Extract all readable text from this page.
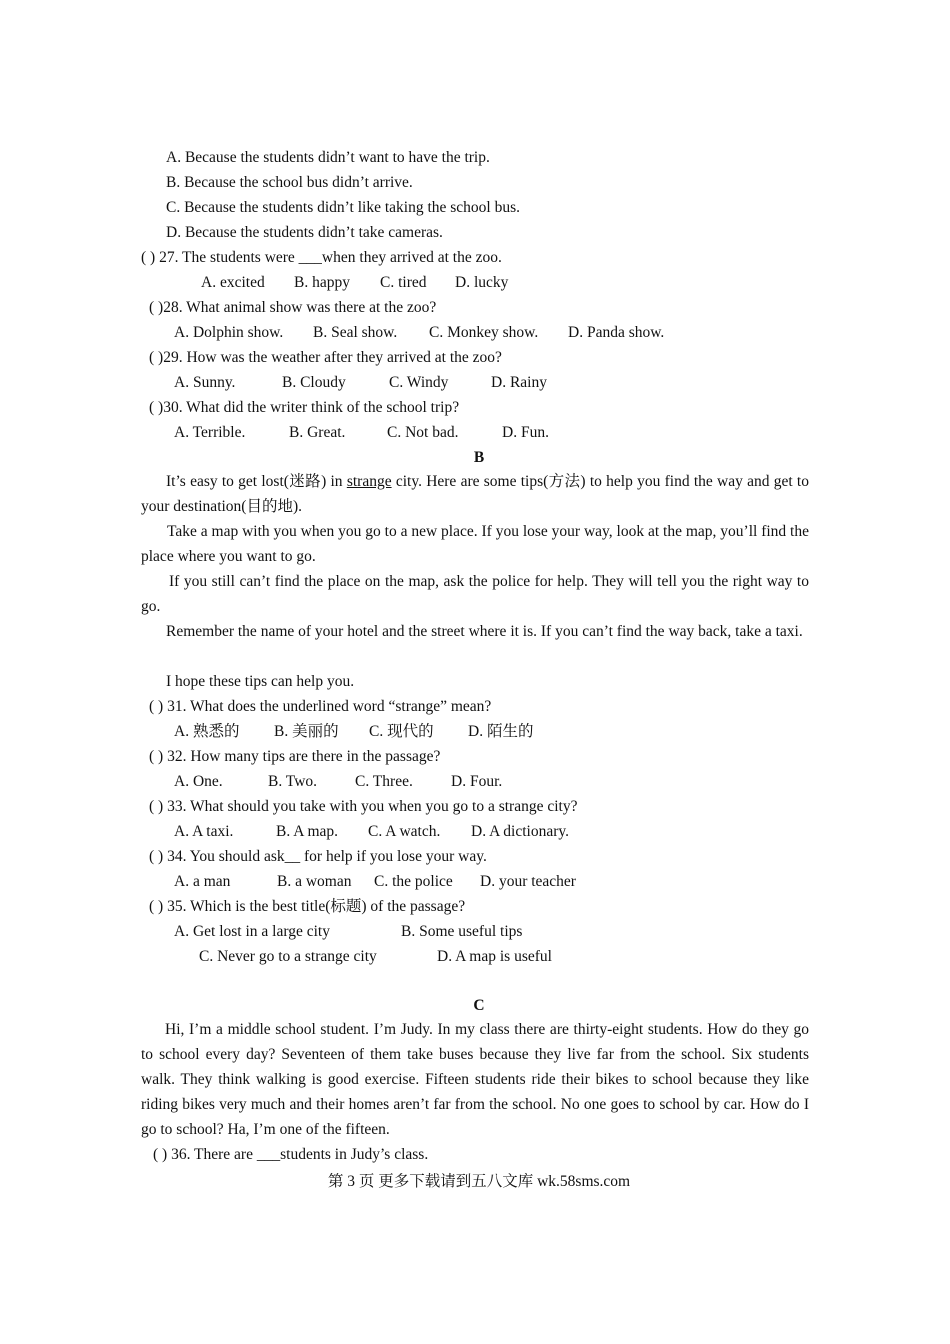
A. Because the students didn’t want to have the trip.
B. Because the school bus didn’t arrive.
C. Because the students didn’t like taking the school bus.
D. Because the students didn’t take cameras.
( ) 27. The students were ___when they arrived at the zoo.
A. excited B. happy C. tired D. lucky
( )28. What animal show was there at the zoo?
A. Dolphin show. B. Seal show. C. Monkey show. D. Panda show.
( )29. How was the weather after they arrived at the zoo?
A. Sunny.	B. Cloudy	C. Windy	D. Rainy
( )30. What did the writer think of the school trip?
A. Terrible.	B. Great.	C. Not bad.	D. Fun.
B
It’s easy to get lost(迷路) in strange city. Here are some tips(方法) to help you find the way and get to your destination(目的地).
Take a map with you when you go to a new place. If you lose your way, look at the map, you’ll find the place where you want to go.
If you still can’t find the place on the map, ask the police for help. They will tell you the right way to go.
Remember the name of your hotel and the street where it is. If you can’t find the way back, take a taxi.
I hope these tips can help you.
( ) 31. What does the underlined word “strange” mean?
A. 熟悉的 B. 美丽的 C. 现代的 D. 陌生的
( ) 32. How many tips are there in the passage?
A. One.	B. Two. C. Three. D. Four.
( ) 33. What should you take with you when you go to a strange city?
A. A taxi.	B. A map. C. A watch. D. A dictionary.
( ) 34. You should ask__ for help if you lose your way.
A. a man	B. a woman C. the police D. your teacher
( ) 35. Which is the best title(标题) of the passage?
A. Get lost in a large city	B. Some useful tips
C. Never go to a strange city	D. A map is useful
C
Hi, I’m a middle school student. I’m Judy. In my class there are thirty-eight students. How do they go to school every day? Seventeen of them take buses because they live far from the school. Six students walk. They think walking is good exercise. Fifteen students ride their bikes to school because they like riding bikes very much and their homes aren’t far from the school. No one goes to school by car. How do I go to school? Ha, I’m one of the fifteen.
( ) 36. There are ___students in Judy’s class.
第 3 页 更多下载请到五八文库 wk.58sms.com
